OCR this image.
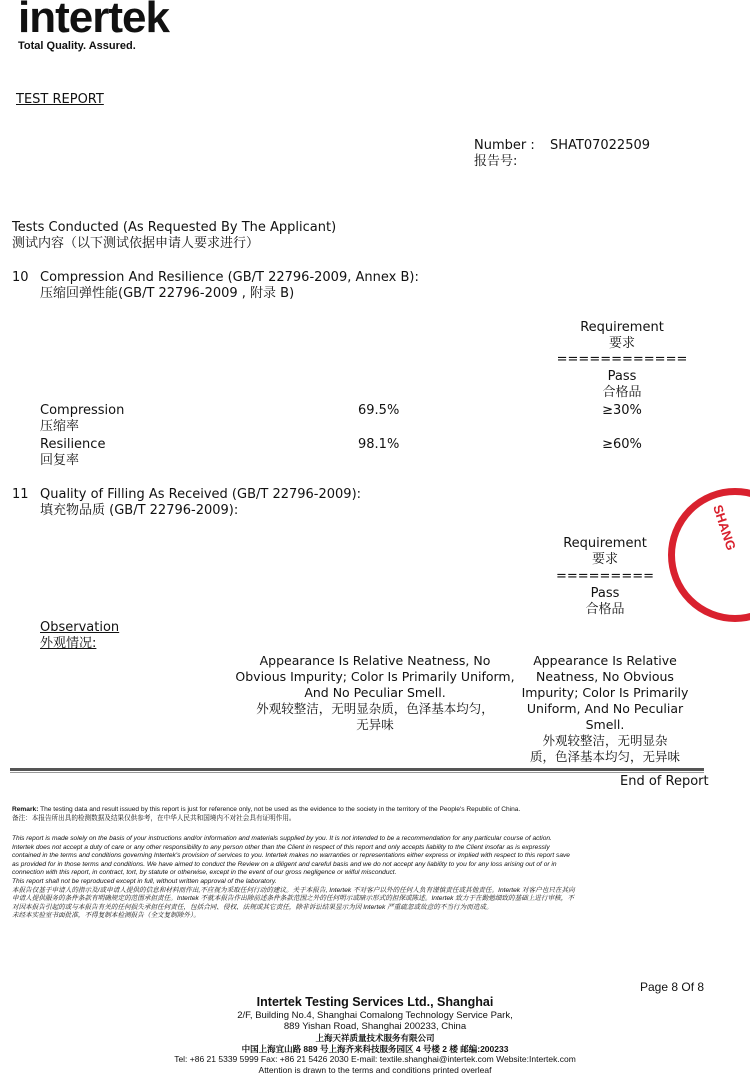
intertek
Total Quality. Assured.
TEST REPORT
Number :
报告号:
SHAT07022509
Tests Conducted (As Requested By The Applicant)
测试内容（以下测试依据申请人要求进行）
10 Compression And Resilience (GB/T 22796-2009, Annex B):
压缩回弹性能(GB/T 22796-2009 , 附录 B)
Requirement
要求
============
Pass
合格品
Compression
压缩率
69.5%	≥30%
Resilience
回复率
98.1%	≥60%
11 Quality of Filling As Received (GB/T 22796-2009):
填充物品质 (GB/T 22796-2009):
Requirement
要求
=========
Pass
合格品
Observation
外观情况:
Appearance Is Relative Neatness, No
Obvious Impurity; Color Is Primarily Uniform,
And No Peculiar Smell.
外观较整洁，无明显杂质，色泽基本均匀，
无异味
Appearance Is Relative
Neatness, No Obvious
Impurity; Color Is Primarily
Uniform, And No Peculiar
Smell.
外观较整洁，无明显杂
质，色泽基本均匀，无异味
End of Report
Remark: The testing data and result issued by this report is just for reference only, not be used as the evidence to the society in the territory of the People's Republic of China.
备注：本报告所出具的检测数据及结果仅供参考，在中华人民共和国境内不对社会具有证明作用。
This report is made solely on the basis of your instructions and/or information and materials supplied by you. It is not intended to be a recommendation for any particular course of action.
Intertek does not accept a duty of care or any other responsibility to any person other than the Client in respect of this report and only accepts liability to the Client insofar as is expressly
contained in the terms and conditions governing Intertek's provision of services to you. Intertek makes no warranties or representations either express or implied with respect to this report save
as provided for in those terms and conditions. We have aimed to conduct the Review on a diligent and careful basis and we do not accept any liability to you for any loss arising out of or in
connection with this report, in contract, tort, by statute or otherwise, except in the event of our gross negligence or wilful misconduct.
This report shall not be reproduced except in full, without written approval of the laboratory.
本报告仅基于申请人的指示及/或申请人提供的信息和材料而作出,不应视为采取任何行动的建议。关于本报告, Intertek 不对客户以外的任何人负有谨慎责任或其他责任。Intertek 对客户也只在其向
申请人提供服务的条件条款有明确规定的范围承担责任。Intertek 不就本报告作出除前述条件条款范围之外的任何明示或暗示形式的担保或陈述。Intertek 致力于在勤勉细致的基础上进行审核，不
对因本报告引起的或与本报告有关的任何损失承担任何责任，包括合同、侵权、法规或其它责任，除非诉讼结果显示为因 Intertek 严重疏忽或故意的不当行为而造成。
未经本实验室书面批准，不得复制本检测报告（全文复制除外）。
Page 8 Of 8
Intertek Testing Services Ltd., Shanghai
2/F, Building No.4, Shanghai Comalong Technology Service Park,
889 Yishan Road, Shanghai 200233, China
上海天祥质量技术服务有限公司
中国上海宜山路 889 号上海齐来科技服务园区 4 号楼 2 楼 邮编:200233
Tel: +86 21 5339 5999 Fax: +86 21 5426 2030 E-mail: textile.shanghai@intertek.com Website:Intertek.com
Attention is drawn to the terms and conditions printed overleaf
SHANG
